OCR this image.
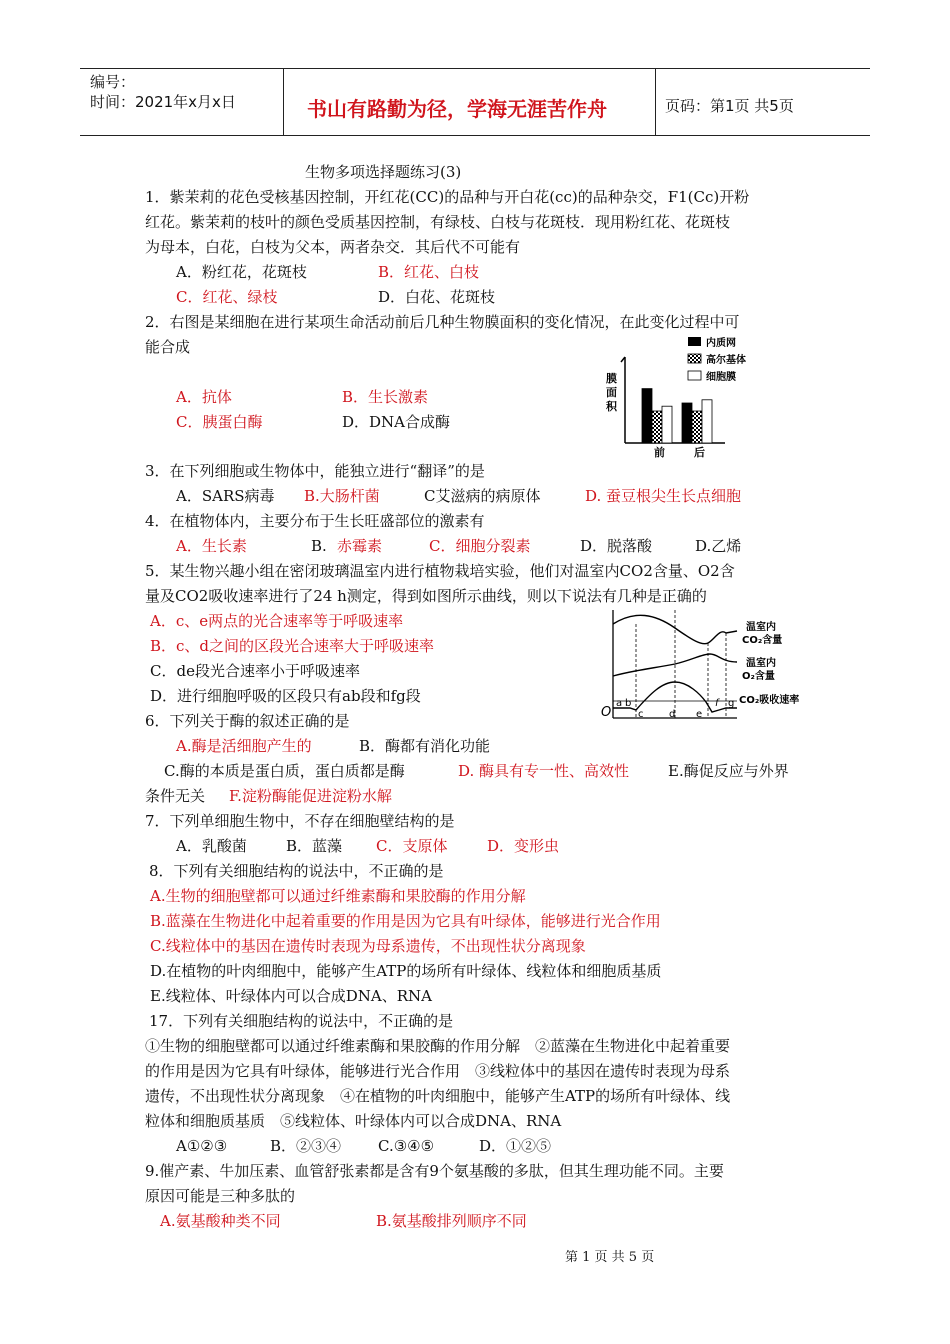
编号：
时间：2021年x月x日	书山有路勤为径，学海无涯苦作舟	页码：第1页 共5页
生物多项选择题练习(3)
1．紫茉莉的花色受核基因控制，开红花(CC)的品种与开白花(cc)的品种杂交，F1(Cc)开粉
红花。紫茉莉的枝叶的颜色受质基因控制，有绿枝、白枝与花斑枝．现用粉红花、花斑枝
为母本，白花，白枝为父本，两者杂交．其后代不可能有
A．粉红花，花斑枝	B．红花、白枝
C．红花、绿枝	D．白花、花斑枝
2．右图是某细胞在进行某项生命活动前后几种生物膜面积的变化情况，在此变化过程中可
能合成
A．抗体	B．生长激素
C．胰蛋白酶	D．DNA合成酶
膜
面
积
内质网
高尔基体
细胞膜
前	后
3．在下列细胞或生物体中，能独立进行“翻译”的是
A．SARS病毒 B.大肠杆菌	C艾滋病的病原体	D. 蚕豆根尖生长点细胞
4．在植物体内，主要分布于生长旺盛部位的激素有
A．生长素	B. 赤霉素	C．细胞分裂素	D．脱落酸	D.乙烯
5．某生物兴趣小组在密闭玻璃温室内进行植物栽培实验，他们对温室内CO2含量、O2含
量及CO2吸收速率进行了24 h测定，得到如图所示曲线，则以下说法有几种是正确的
A．c、e两点的光合速率等于呼吸速率
B．c、d之间的区段光合速率大于呼吸速率
C．de段光合速率小于呼吸速率
D．进行细胞呼吸的区段只有ab段和fg段
O
a b
c	d e
f g
温室内
CO₂含量
温室内
O₂含量
CO₂吸收速率
6．下列关于酶的叙述正确的是
A.酶是活细胞产生的	B．酶都有消化功能
C.酶的本质是蛋白质，蛋白质都是酶	D. 酶具有专一性、高效性	E.酶促反应与外界
条件无关 F.淀粉酶能促进淀粉水解
7．下列单细胞生物中，不存在细胞壁结构的是
A．乳酸菌	B．蓝藻 C．支原体	D．变形虫
8．下列有关细胞结构的说法中，不正确的是
A.生物的细胞壁都可以通过纤维素酶和果胶酶的作用分解
B.蓝藻在生物进化中起着重要的作用是因为它具有叶绿体，能够进行光合作用
C.线粒体中的基因在遗传时表现为母系遗传，不出现性状分离现象
D.在植物的叶肉细胞中，能够产生ATP的场所有叶绿体、线粒体和细胞质基质
E.线粒体、叶绿体内可以合成DNA、RNA
17．下列有关细胞结构的说法中，不正确的是
①生物的细胞壁都可以通过纤维素酶和果胶酶的作用分解　②蓝藻在生物进化中起着重要
的作用是因为它具有叶绿体，能够进行光合作用　③线粒体中的基因在遗传时表现为母系
遗传，不出现性状分离现象　④在植物的叶肉细胞中，能够产生ATP的场所有叶绿体、线
粒体和细胞质基质　⑤线粒体、叶绿体内可以合成DNA、RNA
A①②③	B．②③④ C.③④⑤	D．①②⑤
9.催产素、牛加压素、血管舒张素都是含有9个氨基酸的多肽，但其生理功能不同。主要
原因可能是三种多肽的
A.氨基酸种类不同	B.氨基酸排列顺序不同
第 1 页 共 5 页
